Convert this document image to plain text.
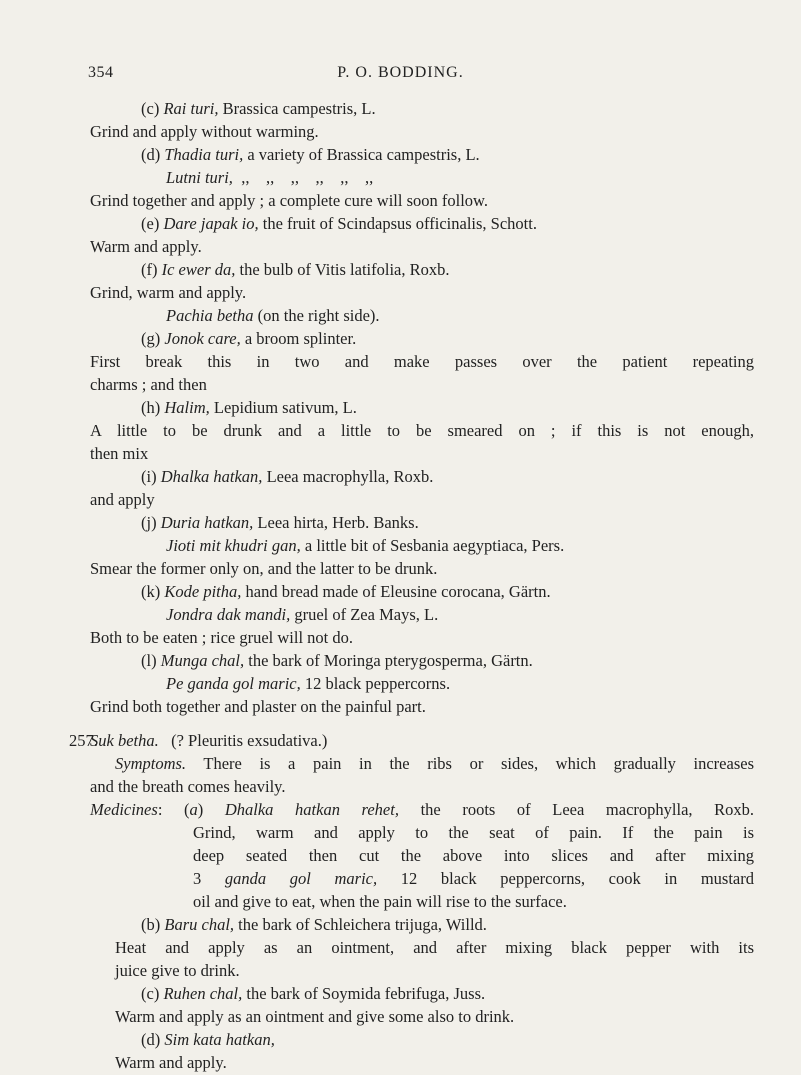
354	P. O. BODDING.
(c) Rai turi, Brassica campestris, L.
Grind and apply without warming.
(d) Thadia turi, a variety of Brassica campestris, L.
Lutni turi,  ,,    ,,    ,,    ,,    ,,    ,,
Grind together and apply ; a complete cure will soon follow.
(e) Dare japak io, the fruit of Scindapsus officinalis, Schott.
Warm and apply.
(f) Ic ewer da, the bulb of Vitis latifolia, Roxb.
Grind, warm and apply.
Pachia betha (on the right side).
(g) Jonok care, a broom splinter.
First break this in two and make passes over the patient repeating
charms ; and then
(h) Halim, Lepidium sativum, L.
A little to be drunk and a little to be smeared on ; if this is not enough,
then mix
(i) Dhalka hatkan, Leea macrophylla, Roxb.
and apply
(j) Duria hatkan, Leea hirta, Herb. Banks.
Jioti mit khudri gan, a little bit of Sesbania aegyptiaca, Pers.
Smear the former only on, and the latter to be drunk.
(k) Kode pitha, hand bread made of Eleusine corocana, Gärtn.
Jondra dak mandi, gruel of Zea Mays, L.
Both to be eaten ; rice gruel will not do.
(l) Munga chal, the bark of Moringa pterygosperma, Gärtn.
Pe ganda gol maric, 12 black peppercorns.
Grind both together and plaster on the painful part.
257.
Suk betha.   (? Pleuritis exsudativa.)
Symptoms. There is a pain in the ribs or sides, which gradually increases
and the breath comes heavily.
Medicines: (a) Dhalka hatkan rehet, the roots of Leea macrophylla, Roxb.
Grind, warm and apply to the seat of pain. If the pain is
deep seated then cut the above into slices and after mixing
3 ganda gol maric, 12 black peppercorns, cook in mustard
oil and give to eat, when the pain will rise to the surface.
(b) Baru chal, the bark of Schleichera trijuga, Willd.
Heat and apply as an ointment, and after mixing black pepper with its
juice give to drink.
(c) Ruhen chal, the bark of Soymida febrifuga, Juss.
Warm and apply as an ointment and give some also to drink.
(d) Sim kata hatkan,
Warm and apply.
